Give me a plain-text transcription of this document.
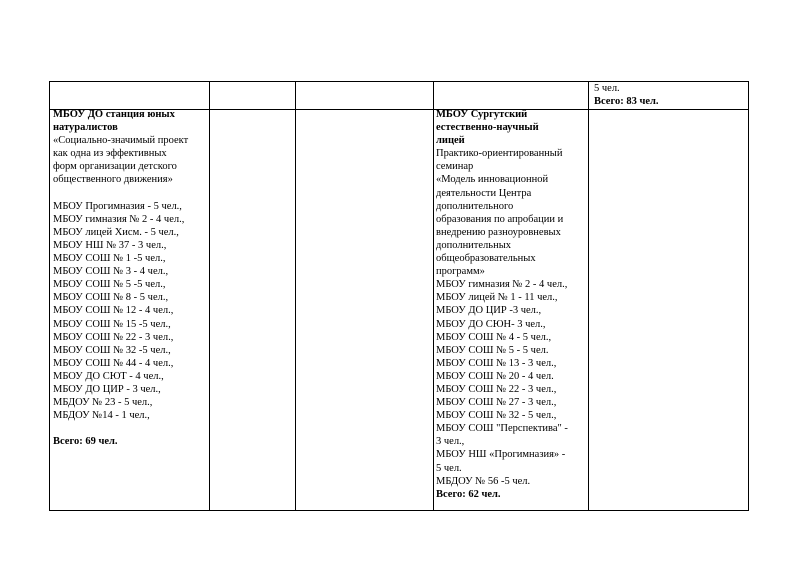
5 чел.
Всего: 83 чел.
МБОУ ДО станция юных
натуралистов
«Социально-значимый проект
как одна из эффективных
форм организации детского
общественного движения»
МБОУ Прогимназия - 5 чел.,
МБОУ гимназия № 2 - 4 чел.,
МБОУ лицей Хисм. - 5 чел.,
МБОУ НШ № 37 - 3 чел.,
МБОУ СОШ № 1 -5 чел.,
МБОУ СОШ № 3 - 4 чел.,
МБОУ СОШ № 5 -5 чел.,
МБОУ СОШ № 8 - 5 чел.,
МБОУ СОШ № 12 - 4 чел.,
МБОУ СОШ № 15 -5 чел.,
МБОУ СОШ № 22 - 3 чел.,
МБОУ СОШ № 32 -5 чел.,
МБОУ СОШ № 44 - 4 чел.,
МБОУ ДО СЮТ - 4 чел.,
МБОУ ДО ЦИР - 3 чел.,
МБДОУ № 23 - 5 чел.,
МБДОУ №14 - 1 чел.,
Всего: 69 чел.
МБОУ Сургутский
естественно-научный
лицей
Практико-ориентированный
семинар
«Модель инновационной
деятельности Центра
дополнительного
образования по апробации и
внедрению разноуровневых
дополнительных
общеобразовательных
программ»
МБОУ гимназия № 2 - 4 чел.,
МБОУ лицей № 1 - 11 чел.,
МБОУ ДО ЦИР -3 чел.,
МБОУ ДО СЮН- 3 чел.,
МБОУ СОШ № 4 - 5 чел.,
МБОУ СОШ № 5 - 5 чел.
МБОУ СОШ № 13 - 3 чел.,
МБОУ СОШ № 20 - 4 чел.
МБОУ СОШ № 22 - 3 чел.,
МБОУ СОШ № 27 - 3 чел.,
МБОУ СОШ № 32 - 5 чел.,
МБОУ СОШ "Перспектива" -
3 чел.,
МБОУ НШ «Прогимназия» -
5 чел.
МБДОУ № 56 -5 чел.
Всего: 62 чел.
